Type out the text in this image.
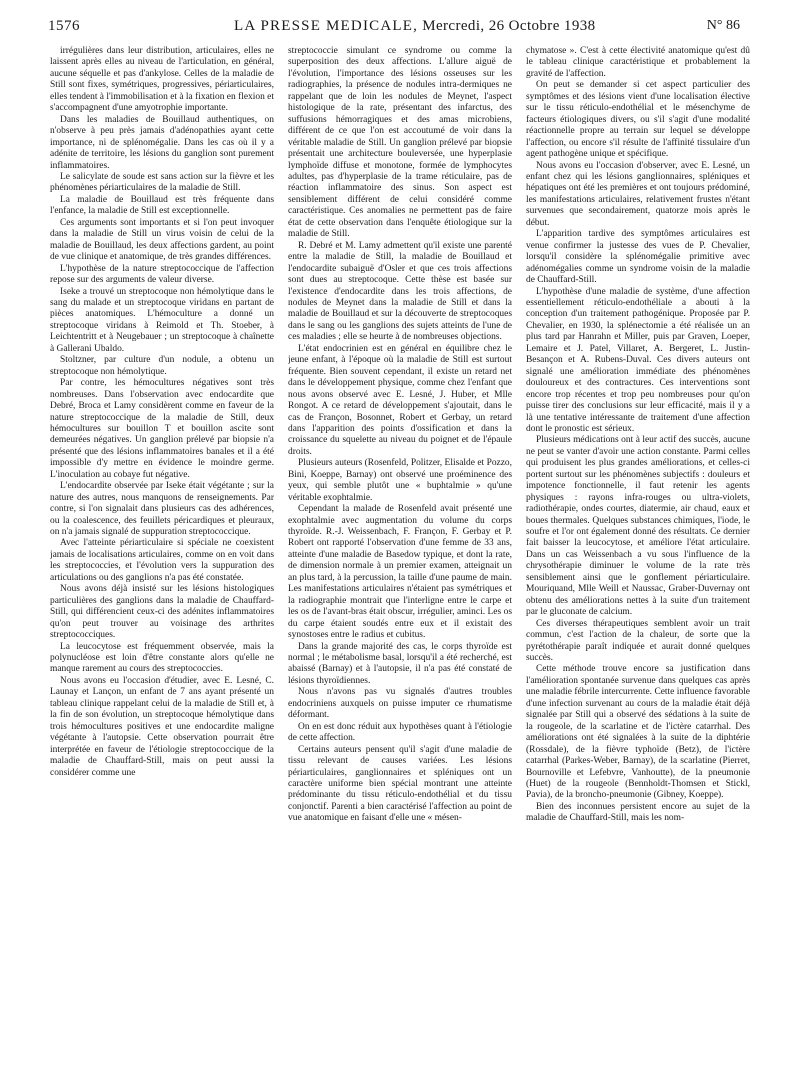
1576	LA PRESSE MEDICALE, Mercredi, 26 Octobre 1938	N° 86

irrégulières dans leur distribution, articulaires, elles ne laissent après elles au niveau de l'articulation, en général, aucune séquelle et pas d'ankylose. Celles de la maladie de Still sont fixes, symétriques, progressives, périarticulaires, elles tendent à l'immobilisation et à la fixation en flexion et s'accompagnent d'une amyotrophie importante.

Dans les maladies de Bouillaud authentiques, on n'observe à peu près jamais d'adénopathies ayant cette importance, ni de splénomégalie. Dans les cas où il y a adénite de territoire, les lésions du ganglion sont purement inflammatoires.

Le salicylate de soude est sans action sur la fièvre et les phénomènes périarticulaires de la maladie de Still.

La maladie de Bouillaud est très fréquente dans l'enfance, la maladie de Still est exceptionnelle.

Ces arguments sont importants et si l'on peut invoquer dans la maladie de Still un virus voisin de celui de la maladie de Bouillaud, les deux affections gardent, au point de vue clinique et anatomique, de très grandes différences.

L'hypothèse de la nature streptococcique de l'affection repose sur des arguments de valeur diverse.

Iseke a trouvé un streptocoque non hémolytique dans le sang du malade et un streptocoque viridans en partant de pièces anatomiques. L'hémoculture a donné un streptocoque viridans à Reimold et Th. Stoeber, à Leichtentritt et à Neugebauer ; un streptocoque à chaînette à Gallerani Ubaldo.

Stoltzner, par culture d'un nodule, a obtenu un streptocoque non hémolytique.

Par contre, les hémocultures négatives sont très nombreuses. Dans l'observation avec endocardite que Debré, Broca et Lamy considèrent comme en faveur de la nature streptococcique de la maladie de Still, deux hémocultures sur bouillon T et bouillon ascite sont demeurées négatives. Un ganglion prélevé par biopsie n'a présenté que des lésions inflammatoires banales et il a été impossible d'y mettre en évidence le moindre germe. L'inoculation au cobaye fut négative.

L'endocardite observée par Iseke était végétante ; sur la nature des autres, nous manquons de renseignements. Par contre, si l'on signalait dans plusieurs cas des adhérences, ou la coalescence, des feuillets péricardiques et pleuraux, on n'a jamais signalé de suppuration streptococcique.

Avec l'atteinte périarticulaire si spéciale ne coexistent jamais de localisations articulaires, comme on en voit dans les streptococcies, et l'évolution vers la suppuration des articulations ou des ganglions n'a pas été constatée.

Nous avons déjà insisté sur les lésions histologiques particulières des ganglions dans la maladie de Chauffard-Still, qui différencient ceux-ci des adénites inflammatoires qu'on peut trouver au voisinage des arthrites streptococciques.

La leucocytose est fréquemment observée, mais la polynucléose est loin d'être constante alors qu'elle ne manque rarement au cours des streptococcies.

Nous avons eu l'occasion d'étudier, avec E. Lesné, C. Launay et Lançon, un enfant de 7 ans ayant présenté un tableau clinique rappelant celui de la maladie de Still et, à la fin de son évolution, un streptocoque hémolytique dans trois hémocultures positives et une endocardite maligne végétante à l'autopsie. Cette observation pourrait être interprétée en faveur de l'étiologie streptococcique de la maladie de Chauffard-Still, mais on peut aussi la considérer comme une

streptococcie simulant ce syndrome ou comme la superposition des deux affections. L'allure aiguë de l'évolution, l'importance des lésions osseuses sur les radiographies, la présence de nodules intra-dermiques ne rappelant que de loin les nodules de Meynet, l'aspect histologique de la rate, présentant des infarctus, des suffusions hémorragiques et des amas microbiens, différent de ce que l'on est accoutumé de voir dans la véritable maladie de Still. Un ganglion prélevé par biopsie présentait une architecture bouleversée, une hyperplasie lymphoïde diffuse et monotone, formée de lymphocytes adultes, pas d'hyperplasie de la trame réticulaire, pas de réaction inflammatoire des sinus. Son aspect est sensiblement différent de celui considéré comme caractéristique. Ces anomalies ne permettent pas de faire état de cette observation dans l'enquête étiologique sur la maladie de Still.

R. Debré et M. Lamy admettent qu'il existe une parenté entre la maladie de Still, la maladie de Bouillaud et l'endocardite subaiguë d'Osler et que ces trois affections sont dues au streptocoque. Cette thèse est basée sur l'existence d'endocardite dans les trois affections, de nodules de Meynet dans la maladie de Still et dans la maladie de Bouillaud et sur la découverte de streptocoques dans le sang ou les ganglions des sujets atteints de l'une de ces maladies ; elle se heurte à de nombreuses objections.

L'état endocrinien est en général en équilibre chez le jeune enfant, à l'époque où la maladie de Still est surtout fréquente. Bien souvent cependant, il existe un retard net dans le développement physique, comme chez l'enfant que nous avons observé avec E. Lesné, J. Huber, et Mlle Rongot. A ce retard de développement s'ajoutait, dans le cas de Françon, Bosonnet, Robert et Gerbay, un retard dans l'apparition des points d'ossification et dans la croissance du squelette au niveau du poignet et de l'épaule droits.

Plusieurs auteurs (Rosenfeld, Politzer, Elisalde et Pozzo, Bini, Koeppe, Barnay) ont observé une proéminence des yeux, qui semble plutôt une « buphtalmie » qu'une véritable exophtalmie.

Cependant la malade de Rosenfeld avait présenté une exophtalmie avec augmentation du volume du corps thyroïde. R.-J. Weissenbach, F. Françon, F. Gerbay et P. Robert ont rapporté l'observation d'une femme de 33 ans, atteinte d'une maladie de Basedow typique, et dont la rate, de dimension normale à un premier examen, atteignait un an plus tard, à la percussion, la taille d'une paume de main. Les manifestations articulaires n'étaient pas symétriques et la radiographie montrait que l'interligne entre le carpe et les os de l'avant-bras était obscur, irrégulier, aminci. Les os du carpe étaient soudés entre eux et il existait des synostoses entre le radius et cubitus.

Dans la grande majorité des cas, le corps thyroïde est normal ; le métabolisme basal, lorsqu'il a été recherché, est abaissé (Barnay) et à l'autopsie, il n'a pas été constaté de lésions thyroïdiennes.

Nous n'avons pas vu signalés d'autres troubles endocriniens auxquels on puisse imputer ce rhumatisme déformant.

On en est donc réduit aux hypothèses quant à l'étiologie de cette affection.

Certains auteurs pensent qu'il s'agit d'une maladie de tissu relevant de causes variées. Les lésions périarticulaires, ganglionnaires et spléniques ont un caractère uniforme bien spécial montrant une atteinte prédominante du tissu réticulo-endothélial et du tissu conjonctif. Parenti a bien caractérisé l'affection au point de vue anatomique en faisant d'elle une « mésen-

chymatose ». C'est à cette électivité anatomique qu'est dû le tableau clinique caractéristique et probablement la gravité de l'affection.

On peut se demander si cet aspect particulier des symptômes et des lésions vient d'une localisation élective sur le tissu réticulo-endothélial et le mésenchyme de facteurs étiologiques divers, ou s'il s'agit d'une modalité réactionnelle propre au terrain sur lequel se développe l'affection, ou encore s'il résulte de l'affinité tissulaire d'un agent pathogène unique et spécifique.

Nous avons eu l'occasion d'observer, avec E. Lesné, un enfant chez qui les lésions ganglionnaires, spléniques et hépatiques ont été les premières et ont toujours prédominé, les manifestations articulaires, relativement frustes n'étant survenues que secondairement, quatorze mois après le début.

L'apparition tardive des symptômes articulaires est venue confirmer la justesse des vues de P. Chevalier, lorsqu'il considère la splénomégalie primitive avec adénomégalies comme un syndrome voisin de la maladie de Chauffard-Still.

L'hypothèse d'une maladie de système, d'une affection essentiellement réticulo-endothéliale a abouti à la conception d'un traitement pathogénique. Proposée par P. Chevalier, en 1930, la splénectomie a été réalisée un an plus tard par Hanrahn et Miller, puis par Graven, Loeper, Lemaire et J. Patel, Villaret, A. Bergeret, L. Justin-Besançon et A. Rubens-Duval. Ces divers auteurs ont signalé une amélioration immédiate des phénomènes douloureux et des contractures. Ces interventions sont encore trop récentes et trop peu nombreuses pour qu'on puisse tirer des conclusions sur leur efficacité, mais il y a là une tentative intéressante de traitement d'une affection dont le pronostic est sérieux.

Plusieurs médications ont à leur actif des succès, aucune ne peut se vanter d'avoir une action constante. Parmi celles qui produisent les plus grandes améliorations, et celles-ci portent surtout sur les phénomènes subjectifs : douleurs et impotence fonctionnelle, il faut retenir les agents physiques : rayons infra-rouges ou ultra-violets, radiothérapie, ondes courtes, diatermie, air chaud, eaux et boues thermales. Quelques substances chimiques, l'iode, le soufre et l'or ont également donné des résultats. Ce dernier fait baisser la leucocytose, et améliore l'état articulaire. Dans un cas Weissenbach a vu sous l'influence de la chrysothérapie diminuer le volume de la rate très sensiblement ainsi que le gonflement périarticulaire. Mouriquand, Mlle Weill et Naussac, Graber-Duvernay ont obtenu des améliorations nettes à la suite d'un traitement par le gluconate de calcium.

Ces diverses thérapeutiques semblent avoir un trait commun, c'est l'action de la chaleur, de sorte que la pyrétothérapie paraît indiquée et aurait donné quelques succès.

Cette méthode trouve encore sa justification dans l'amélioration spontanée survenue dans quelques cas après une maladie fébrile intercurrente. Cette influence favorable d'une infection survenant au cours de la maladie était déjà signalée par Still qui a observé des sédations à la suite de la rougeole, de la scarlatine et de l'ictère catarrhal. Des améliorations ont été signalées à la suite de la diphtérie (Rossdale), de la fièvre typhoïde (Betz), de l'ictère catarrhal (Parkes-Weber, Barnay), de la scarlatine (Pierret, Bournoville et Lefebvre, Vanhoutte), de la pneumonie (Huet) de la rougeole (Bennholdt-Thomsen et Stickl, Pavia), de la broncho-pneumonie (Gibney, Koeppe).

Bien des inconnues persistent encore au sujet de la maladie de Chauffard-Still, mais les nom-
